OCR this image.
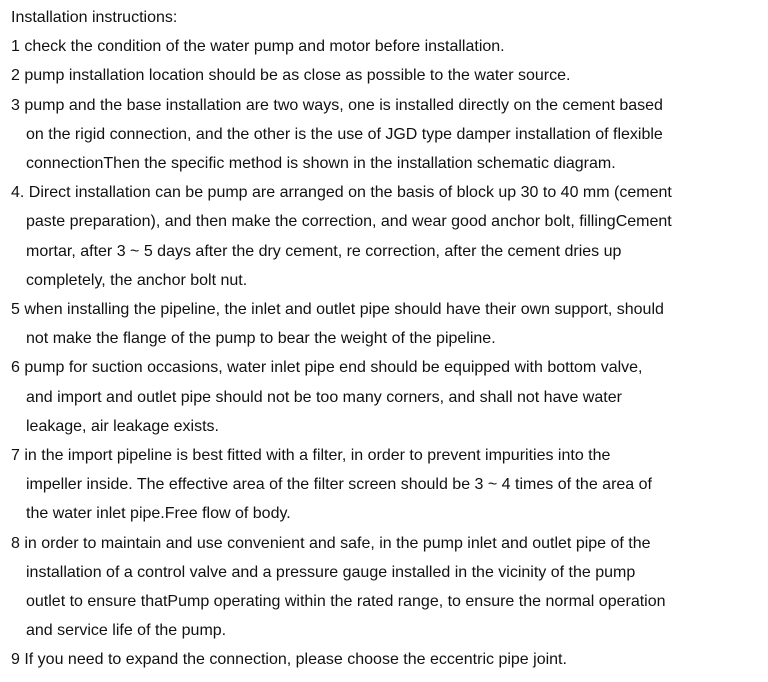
Installation instructions:
1 check the condition of the water pump and motor before installation.
2 pump installation location should be as close as possible to the water source.
3 pump and the base installation are two ways, one is installed directly on the cement based
on the rigid connection, and the other is the use of JGD type damper installation of flexible
connectionThen the specific method is shown in the installation schematic diagram.
4. Direct installation can be pump are arranged on the basis of block up 30 to 40 mm (cement
paste preparation), and then make the correction, and wear good anchor bolt, fillingCement
mortar, after 3 ~ 5 days after the dry cement, re correction, after the cement dries up
completely, the anchor bolt nut.
5 when installing the pipeline, the inlet and outlet pipe should have their own support, should
not make the flange of the pump to bear the weight of the pipeline.
6 pump for suction occasions, water inlet pipe end should be equipped with bottom valve,
and import and outlet pipe should not be too many corners, and shall not have water
leakage, air leakage exists.
7 in the import pipeline is best fitted with a filter, in order to prevent impurities into the
impeller inside. The effective area of the filter screen should be 3 ~ 4 times of the area of
the water inlet pipe.Free flow of body.
8 in order to maintain and use convenient and safe, in the pump inlet and outlet pipe of the
installation of a control valve and a pressure gauge installed in the vicinity of the pump
outlet to ensure thatPump operating within the rated range, to ensure the normal operation
and service life of the pump.
9 If you need to expand the connection, please choose the eccentric pipe joint.
